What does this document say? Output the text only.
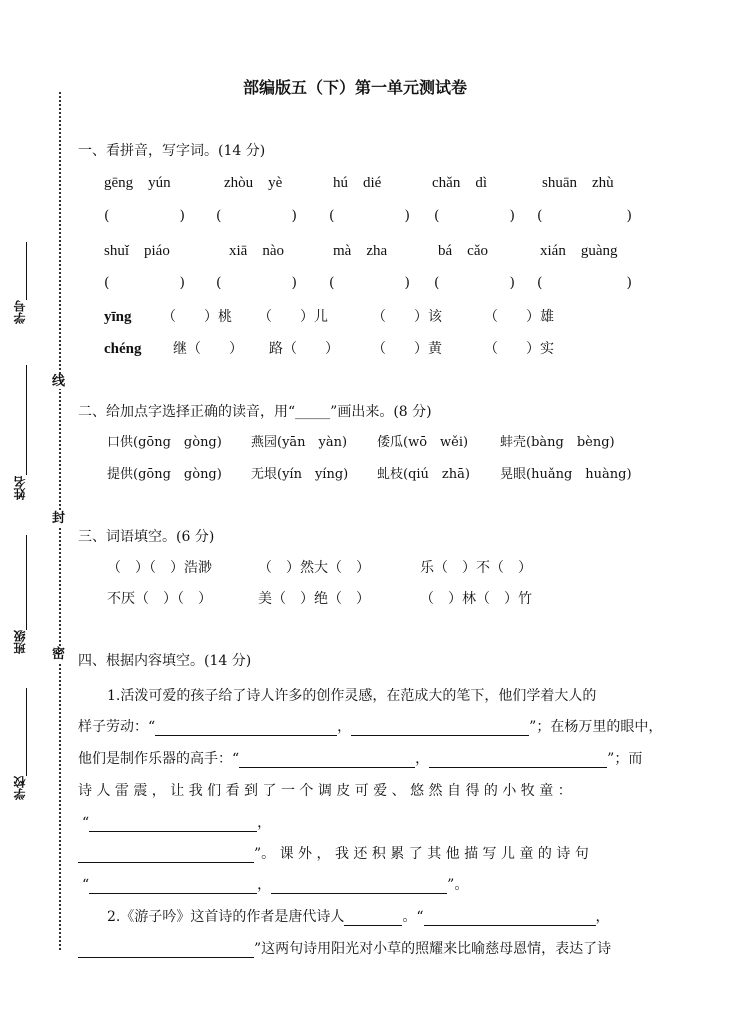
线
封
密
学号
姓名
班级
学校
部编版五（下）第一单元测试卷
一、看拼音，写字词。(14 分)
gēng　yún	zhòu　yè	hú　dié	chǎn　dì	shuān　zhù
(　　　　　) (　　　　　) (　　　　　) (　　　　　) (　　　　　　)
shuǐ　piáo	xiā　nào	mà　zha	bá　cǎo	xián　guàng
(　　　　　) (　　　　　) (　　　　　) (　　　　　) (　　　　　　)
yīng （　　）桃 （　　）儿	（　　）该	（　　）雄
chéng 继（　　） 路（　　） （　　）黄	（　　）实
二、给加点字选择正确的读音，用“_____”画出来。(8 分)
口供(gōng　gòng) 燕园(yān　yàn) 倭瓜(wō　wěi) 蚌壳(bàng　bèng)
提供(gōng　gòng) 无垠(yín　yíng) 虬枝(qiú　zhā) 晃眼(huǎng　huàng)
三、词语填空。(6 分)
（　）（　）浩渺	（　）然大（　）	乐（　）不（　）
不厌（　）（　）	美（　）绝（　）	（　）林（　）竹
四、根据内容填空。(14 分)
1.活泼可爱的孩子给了诗人许多的创作灵感，在范成大的笔下，他们学着大人的
样子劳动：“	，	”；在杨万里的眼中，
他们是制作乐器的高手：“	，	”；而
诗 人 雷 震 ， 让 我 们 看 到 了 一 个 调 皮 可 爱 、 悠 然 自 得 的 小 牧 童 ：
“	，
”。 课 外 ， 我 还 积 累 了 其 他 描 写 儿 童 的 诗 句
“	，	”。
2.《游子吟》这首诗的作者是唐代诗人	。“	，
”这两句诗用阳光对小草的照耀来比喻慈母恩情，表达了诗
